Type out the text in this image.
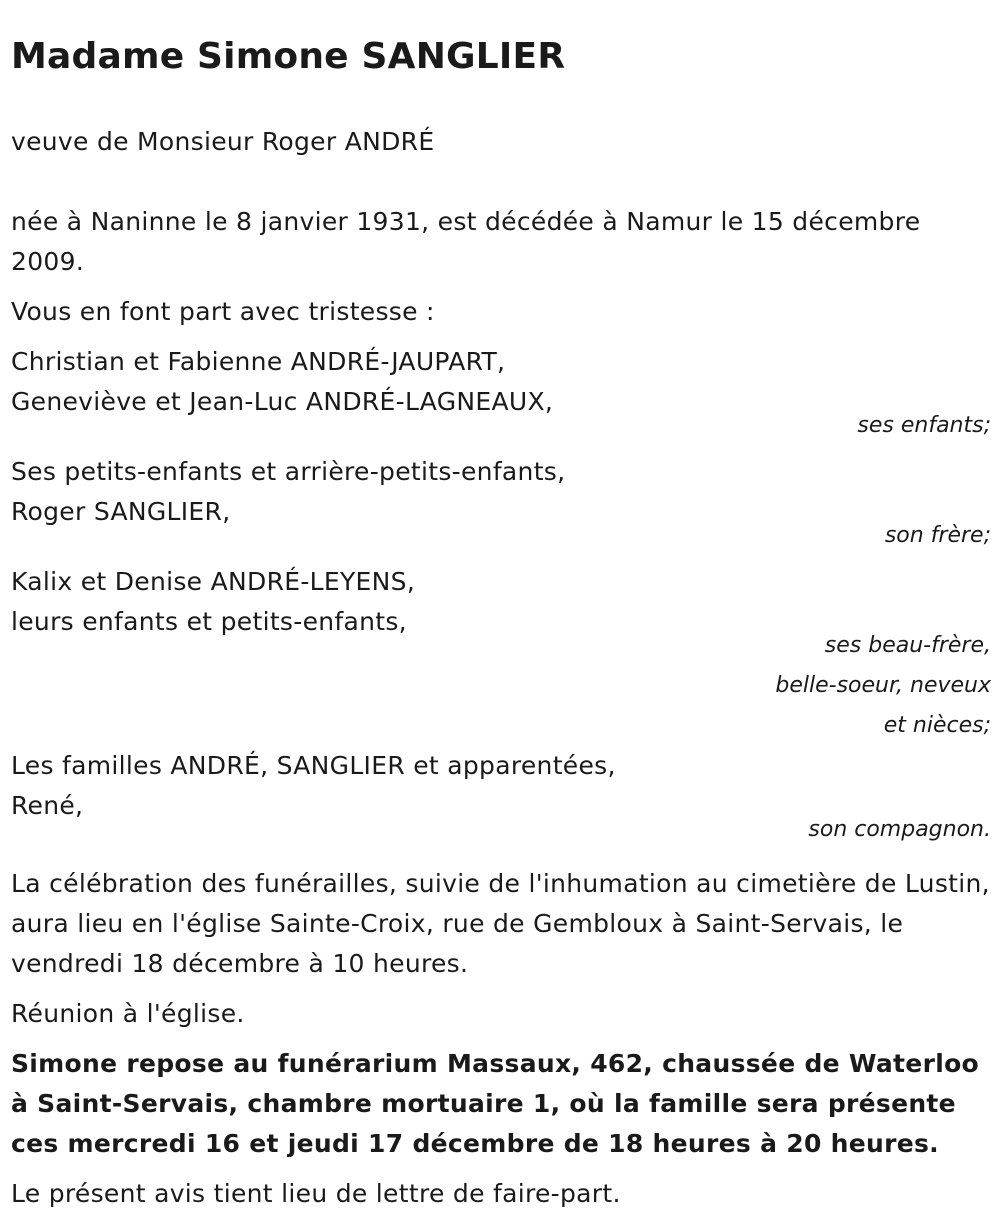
Madame Simone SANGLIER

veuve de Monsieur Roger ANDRÉ

née à Naninne le 8 janvier 1931, est décédée à Namur le 15 décembre 2009.

Vous en font part avec tristesse :

Christian et Fabienne ANDRÉ-JAUPART,

Geneviève et Jean-Luc ANDRÉ-LAGNEAUX,

ses enfants;

Ses petits-enfants et arrière-petits-enfants,

Roger SANGLIER,

son frère;

Kalix et Denise ANDRÉ-LEYENS,

leurs enfants et petits-enfants,

ses beau-frère,

belle-soeur, neveux

et nièces;

Les familles ANDRÉ, SANGLIER et apparentées,

René,

son compagnon.

La célébration des funérailles, suivie de l'inhumation au cimetière de Lustin, aura lieu en l'église Sainte-Croix, rue de Gembloux à Saint-Servais, le vendredi 18 décembre à 10 heures.

Réunion à l'église.

Simone repose au funérarium Massaux, 462, chaussée de Waterloo à Saint-Servais, chambre mortuaire 1, où la famille sera présente ces mercredi 16 et jeudi 17 décembre de 18 heures à 20 heures.

Le présent avis tient lieu de lettre de faire-part.
